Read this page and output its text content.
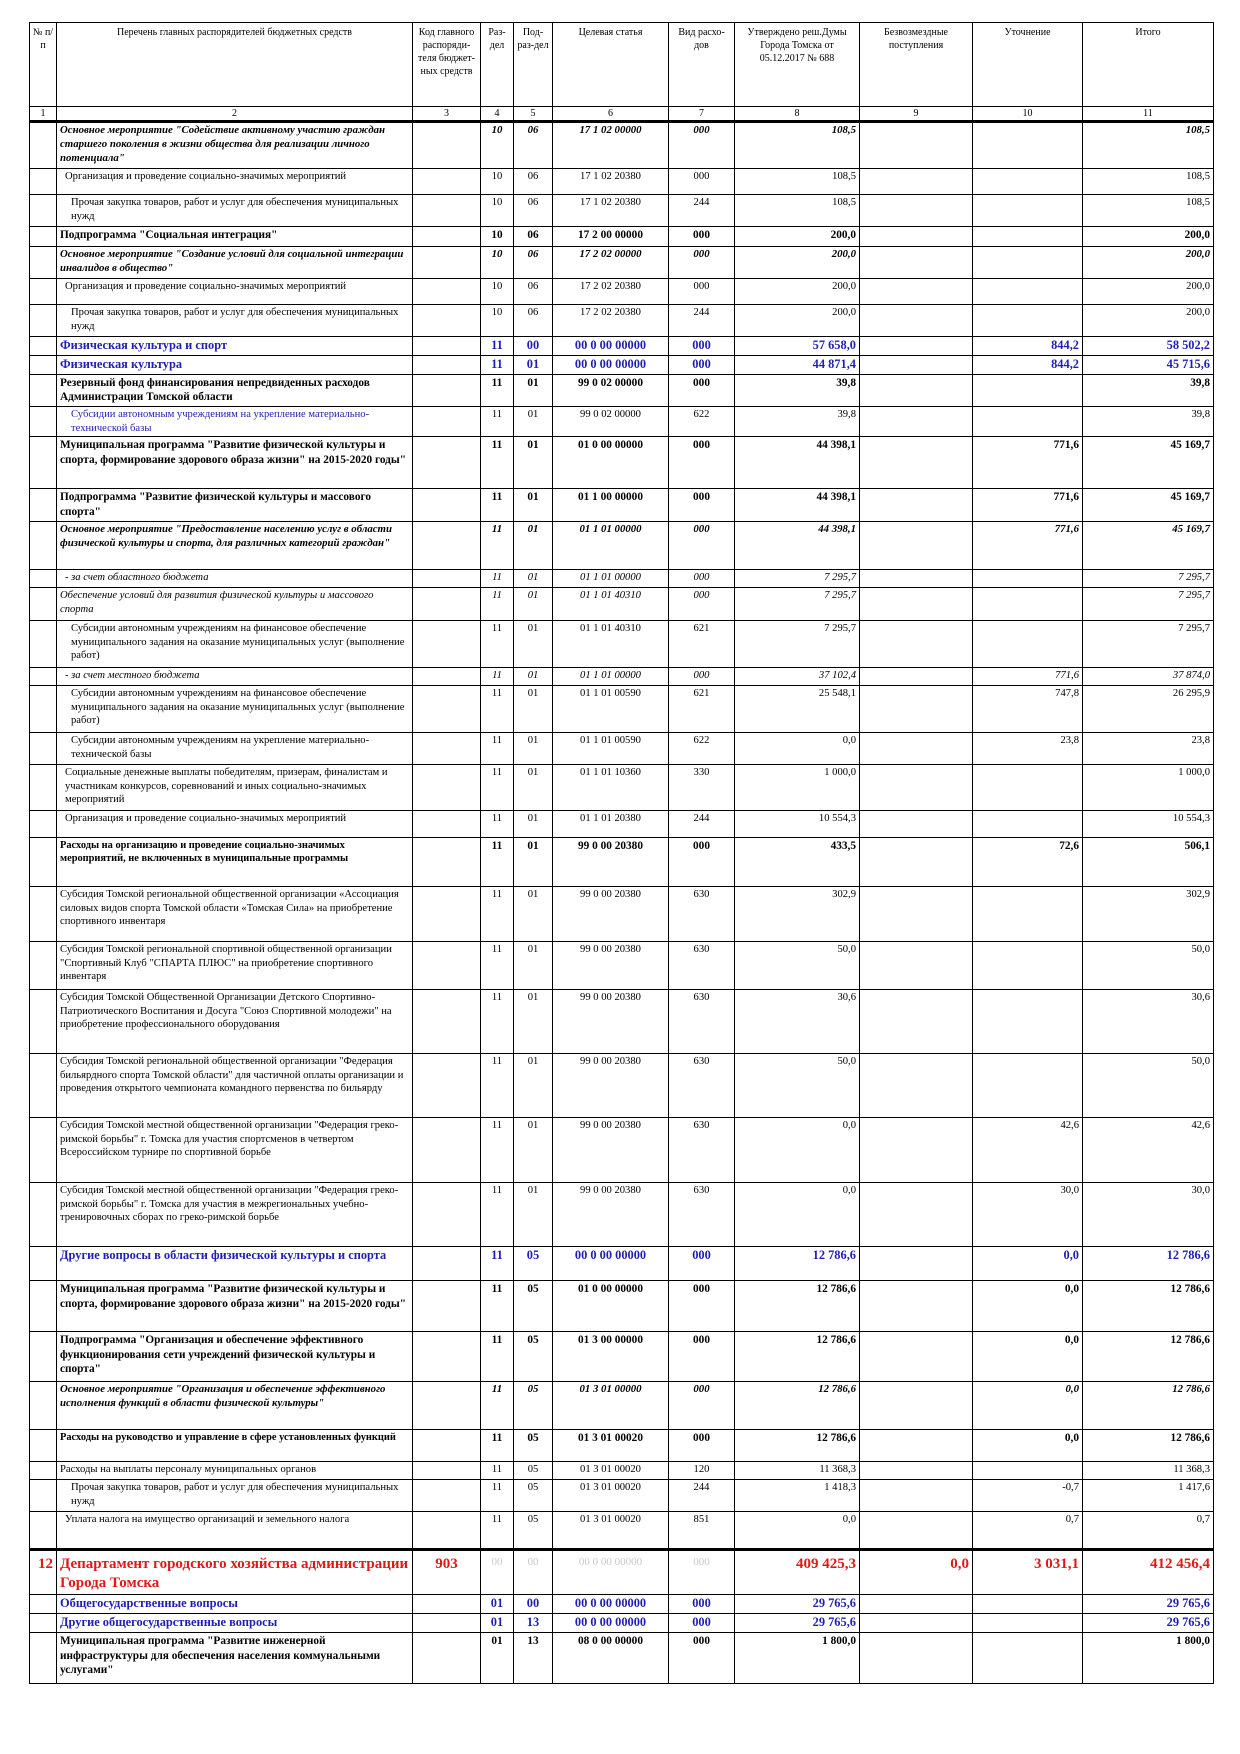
№ п/п	Перечень главных распорядителей бюджетных средств	Код главного распоряди-теля бюджет-ных средств	Раз-дел	Под-раз-дел	Целевая статья	Вид расхо-дов	Утверждено реш.Думы Города Томска от 05.12.2017 № 688	Безвозмездные поступления	Уточнение	Итого
1	2	3	4	5	6	7	8	9	10	11
	Основное мероприятие "Содействие активному участию граждан старшего поколения в жизни общества для реализации личного потенциала"		10	06	17 1 02 00000	000	108,5			108,5
	Организация и проведение социально-значимых мероприятий		10	06	17 1 02 20380	000	108,5			108,5
	Прочая закупка товаров, работ и услуг для обеспечения муниципальных нужд		10	06	17 1 02 20380	244	108,5			108,5
	Подпрограмма "Социальная интеграция"		10	06	17 2 00 00000	000	200,0			200,0
	Основное мероприятие "Создание условий для социальной интеграции инвалидов в общество"		10	06	17 2 02 00000	000	200,0			200,0
	Организация и проведение социально-значимых мероприятий		10	06	17 2 02 20380	000	200,0			200,0
	Прочая закупка товаров, работ и услуг для обеспечения муниципальных нужд		10	06	17 2 02 20380	244	200,0			200,0
	Физическая культура и спорт		11	00	00 0 00 00000	000	57 658,0		844,2	58 502,2
	Физическая культура		11	01	00 0 00 00000	000	44 871,4		844,2	45 715,6
	Резервный фонд финансирования непредвиденных расходов Администрации Томской области		11	01	99 0 02 00000	000	39,8			39,8
	Субсидии автономным учреждениям на укрепление материально-технической базы		11	01	99 0 02 00000	622	39,8			39,8
	Муниципальная программа "Развитие физической культуры и спорта, формирование здорового образа жизни" на 2015-2020 годы"		11	01	01 0 00 00000	000	44 398,1		771,6	45 169,7
	Подпрограмма "Развитие физической культуры и массового спорта"		11	01	01 1 00 00000	000	44 398,1		771,6	45 169,7
	Основное мероприятие "Предоставление населению услуг в области физической культуры и спорта, для различных категорий граждан"		11	01	01 1 01 00000	000	44 398,1		771,6	45 169,7
	- за счет областного бюджета		11	01	01 1 01 00000	000	7 295,7			7 295,7
	Обеспечение условий для развития физической культуры и массового спорта		11	01	01 1 01 40310	000	7 295,7			7 295,7
	Субсидии автономным учреждениям на финансовое обеспечение муниципального задания на оказание муниципальных услуг (выполнение работ)		11	01	01 1 01 40310	621	7 295,7			7 295,7
	- за счет местного бюджета		11	01	01 1 01 00000	000	37 102,4		771,6	37 874,0
	Субсидии автономным учреждениям на финансовое обеспечение муниципального задания на оказание муниципальных услуг (выполнение работ)		11	01	01 1 01 00590	621	25 548,1		747,8	26 295,9
	Субсидии автономным учреждениям на укрепление материально-технической базы		11	01	01 1 01 00590	622	0,0		23,8	23,8
	Социальные денежные выплаты победителям, призерам, финалистам и участникам конкурсов, соревнований и иных социально-значимых мероприятий		11	01	01 1 01 10360	330	1 000,0			1 000,0
	Организация и проведение социально-значимых мероприятий		11	01	01 1 01 20380	244	10 554,3			10 554,3
	Расходы на организацию и проведение социально-значимых мероприятий, не включенных в муниципальные программы		11	01	99 0 00 20380	000	433,5		72,6	506,1
	Субсидия Томской региональной общественной организации «Ассоциация силовых видов спорта Томской области «Томская Сила» на приобретение спортивного инвентаря		11	01	99 0 00 20380	630	302,9			302,9
	Субсидия Томской региональной спортивной общественной организации "Спортивный Клуб "СПАРТА ПЛЮС" на приобретение спортивного инвентаря		11	01	99 0 00 20380	630	50,0			50,0
	Субсидия Томской Общественной Организации Детского Спортивно-Патриотического Воспитания и Досуга "Союз Спортивной молодежи" на приобретение профессионального оборудования		11	01	99 0 00 20380	630	30,6			30,6
	Субсидия Томской региональной общественной организации "Федерация бильярдного спорта Томской области" для частичной оплаты организации и проведения открытого чемпионата командного первенства по бильярду		11	01	99 0 00 20380	630	50,0			50,0
	Субсидия Томской местной общественной организации "Федерация греко-римской борьбы" г. Томска для участия спортсменов в четвертом Всероссийском турнире по спортивной борьбе		11	01	99 0 00 20380	630	0,0		42,6	42,6
	Субсидия Томской местной общественной организации "Федерация греко-римской борьбы" г. Томска для участия в межрегиональных учебно-тренировочных сборах по греко-римской борьбе		11	01	99 0 00 20380	630	0,0		30,0	30,0
	Другие вопросы в области физической культуры и спорта		11	05	00 0 00 00000	000	12 786,6		0,0	12 786,6
	Муниципальная программа "Развитие физической культуры и спорта, формирование здорового образа жизни" на 2015-2020 годы"		11	05	01 0 00 00000	000	12 786,6		0,0	12 786,6
	Подпрограмма "Организация и обеспечение эффективного функционирования сети учреждений физической культуры и спорта"		11	05	01 3 00 00000	000	12 786,6		0,0	12 786,6
	Основное мероприятие "Организация и обеспечение эффективного исполнения функций в области физической культуры"		11	05	01 3 01 00000	000	12 786,6		0,0	12 786,6
	Расходы на руководство и управление в сфере установленных функций		11	05	01 3 01 00020	000	12 786,6		0,0	12 786,6
	Расходы на выплаты персоналу муниципальных органов		11	05	01 3 01 00020	120	11 368,3			11 368,3
	Прочая закупка товаров, работ и услуг для обеспечения муниципальных нужд		11	05	01 3 01 00020	244	1 418,3		-0,7	1 417,6
	Уплата налога на имущество организаций и земельного налога		11	05	01 3 01 00020	851	0,0		0,7	0,7
12	Департамент городского хозяйства администрации Города Томска	903	00	00	00 0 00 00000	000	409 425,3	0,0	3 031,1	412 456,4
	Общегосударственные вопросы		01	00	00 0 00 00000	000	29 765,6			29 765,6
	Другие общегосударственные вопросы		01	13	00 0 00 00000	000	29 765,6			29 765,6
	Муниципальная программа "Развитие инженерной инфраструктуры для обеспечения населения коммунальными услугами"		01	13	08 0 00 00000	000	1 800,0			1 800,0
